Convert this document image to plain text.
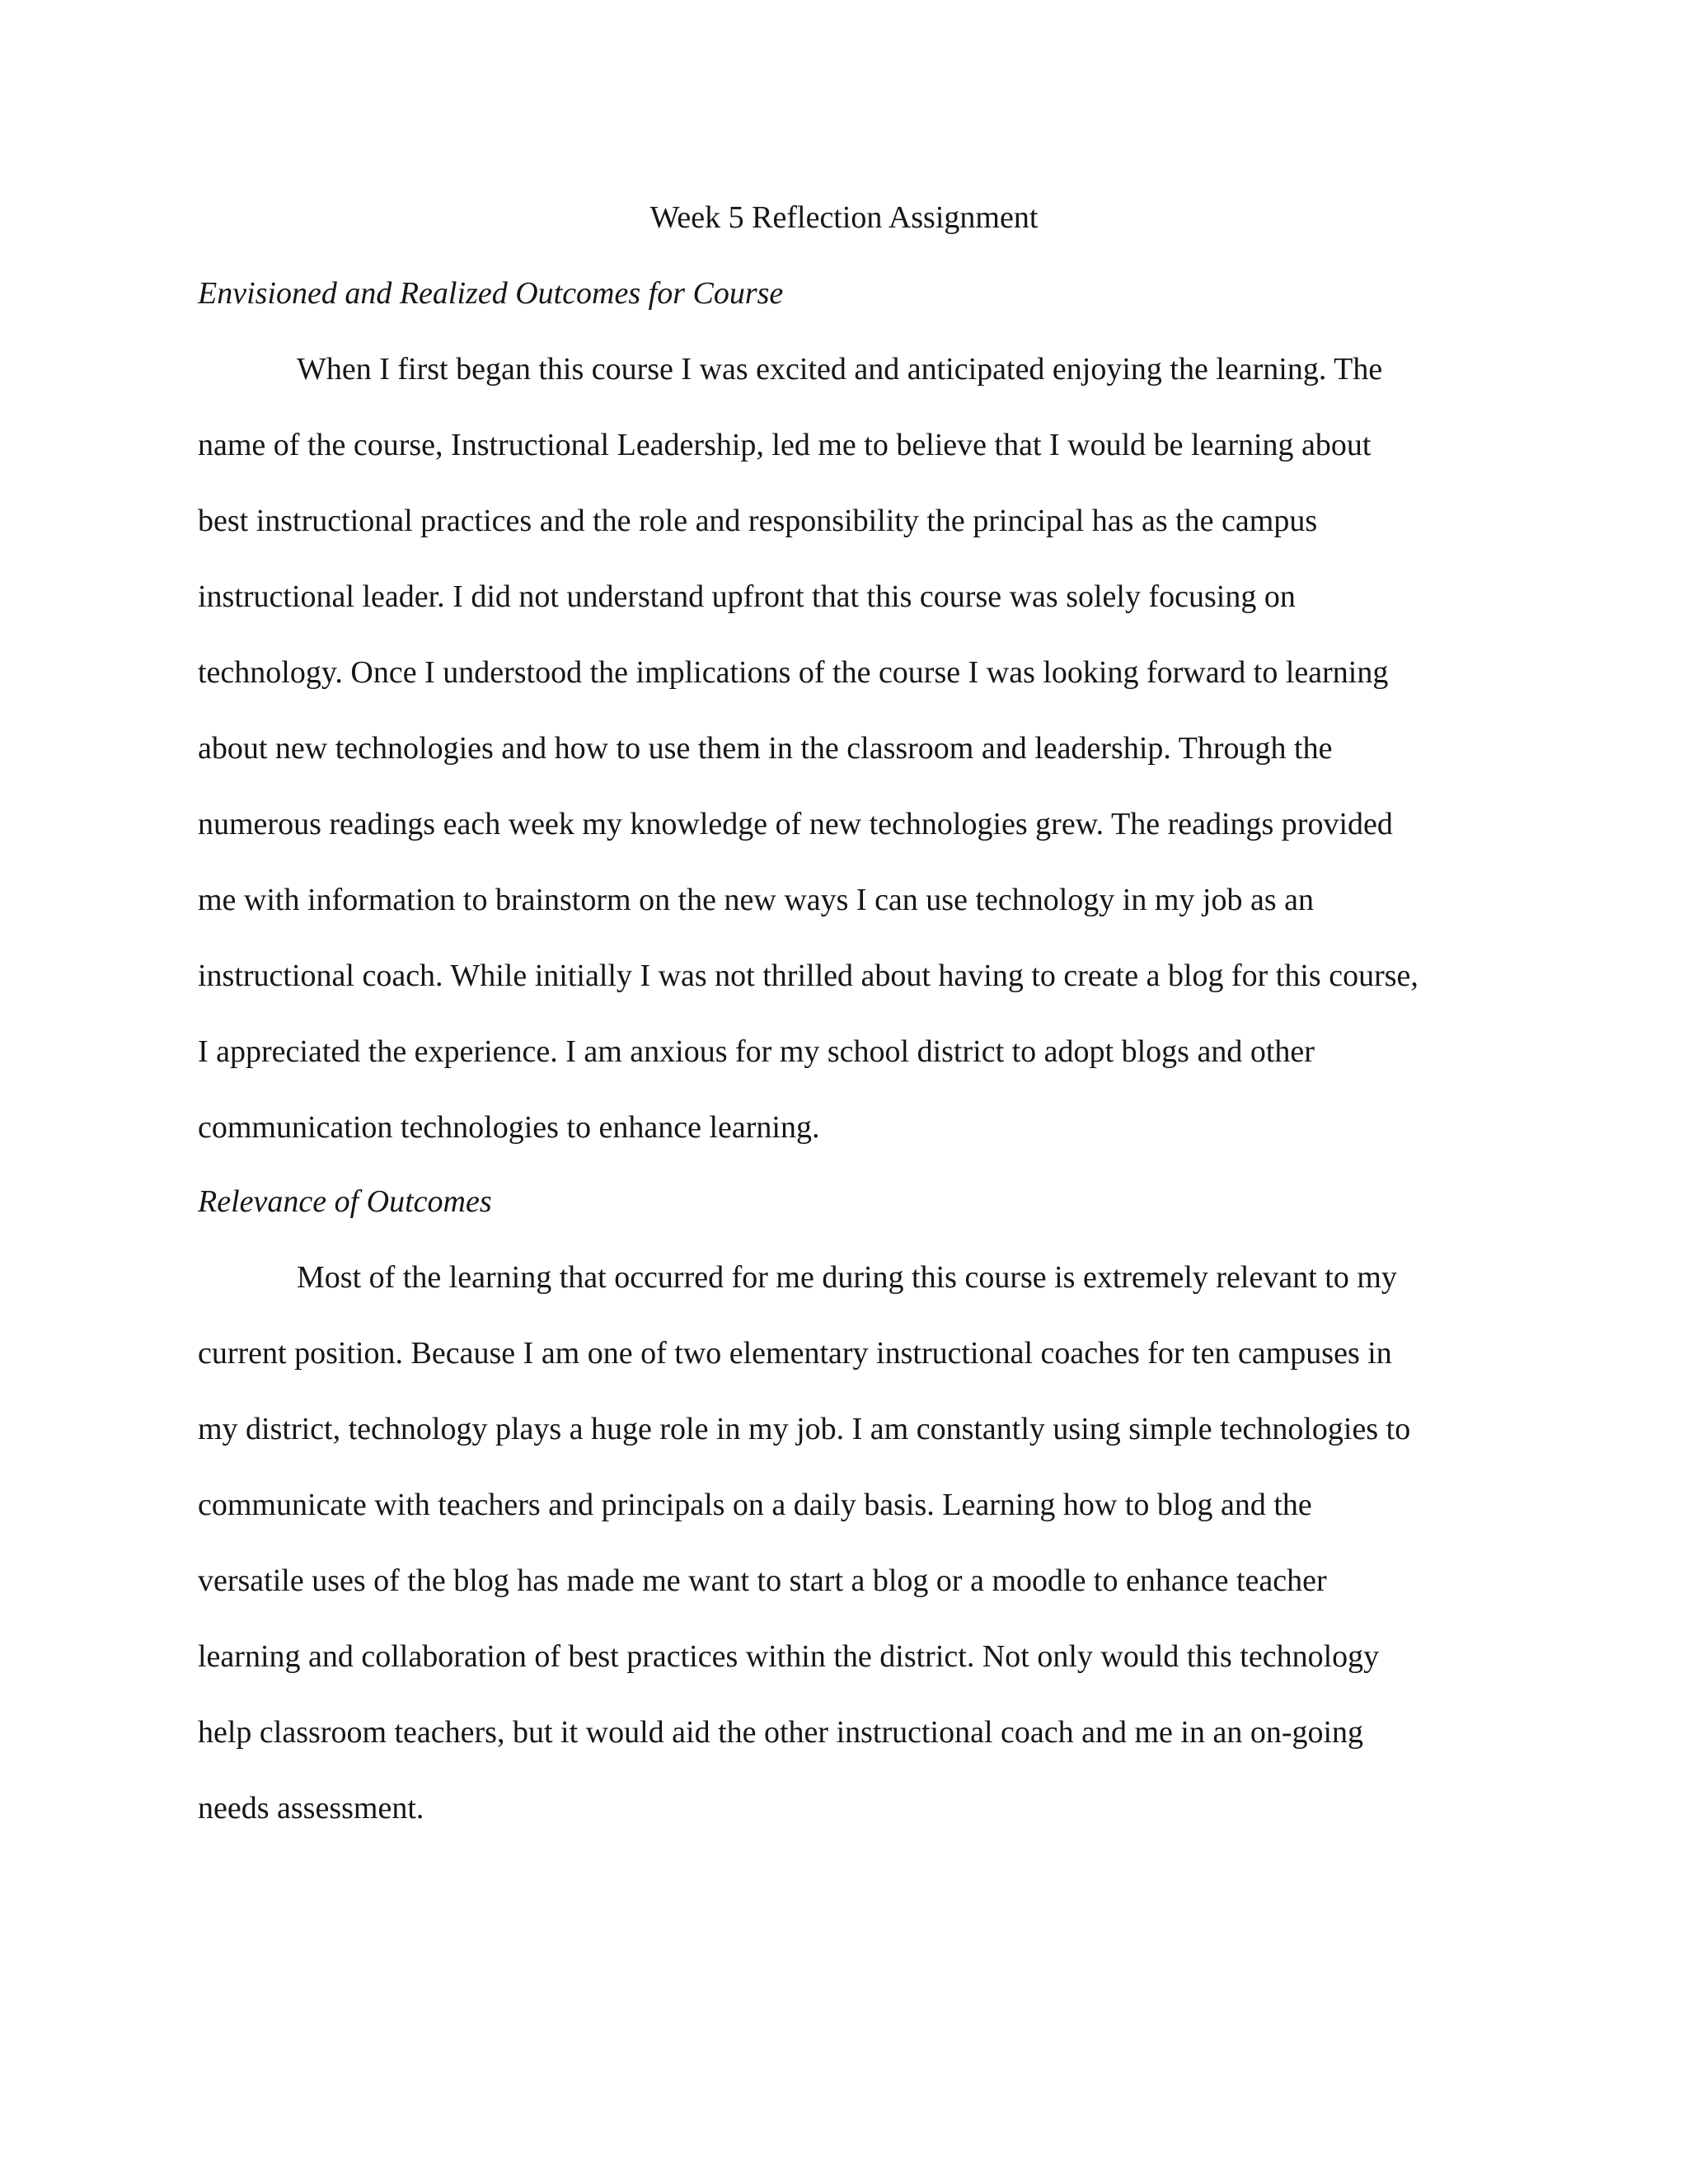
Week 5 Reflection Assignment
Envisioned and Realized Outcomes for Course
When I first began this course I was excited and anticipated enjoying the learning. The
name of the course, Instructional Leadership, led me to believe that I would be learning about
best instructional practices and the role and responsibility the principal has as the campus
instructional leader. I did not understand upfront that this course was solely focusing on
technology. Once I understood the implications of the course I was looking forward to learning
about new technologies and how to use them in the classroom and leadership. Through the
numerous readings each week my knowledge of new technologies grew. The readings provided
me with information to brainstorm on the new ways I can use technology in my job as an
instructional coach. While initially I was not thrilled about having to create a blog for this course,
I appreciated the experience. I am anxious for my school district to adopt blogs and other
communication technologies to enhance learning.
Relevance of Outcomes
Most of the learning that occurred for me during this course is extremely relevant to my
current position. Because I am one of two elementary instructional coaches for ten campuses in
my district, technology plays a huge role in my job. I am constantly using simple technologies to
communicate with teachers and principals on a daily basis. Learning how to blog and the
versatile uses of the blog has made me want to start a blog or a moodle to enhance teacher
learning and collaboration of best practices within the district. Not only would this technology
help classroom teachers, but it would aid the other instructional coach and me in an on-going
needs assessment.
